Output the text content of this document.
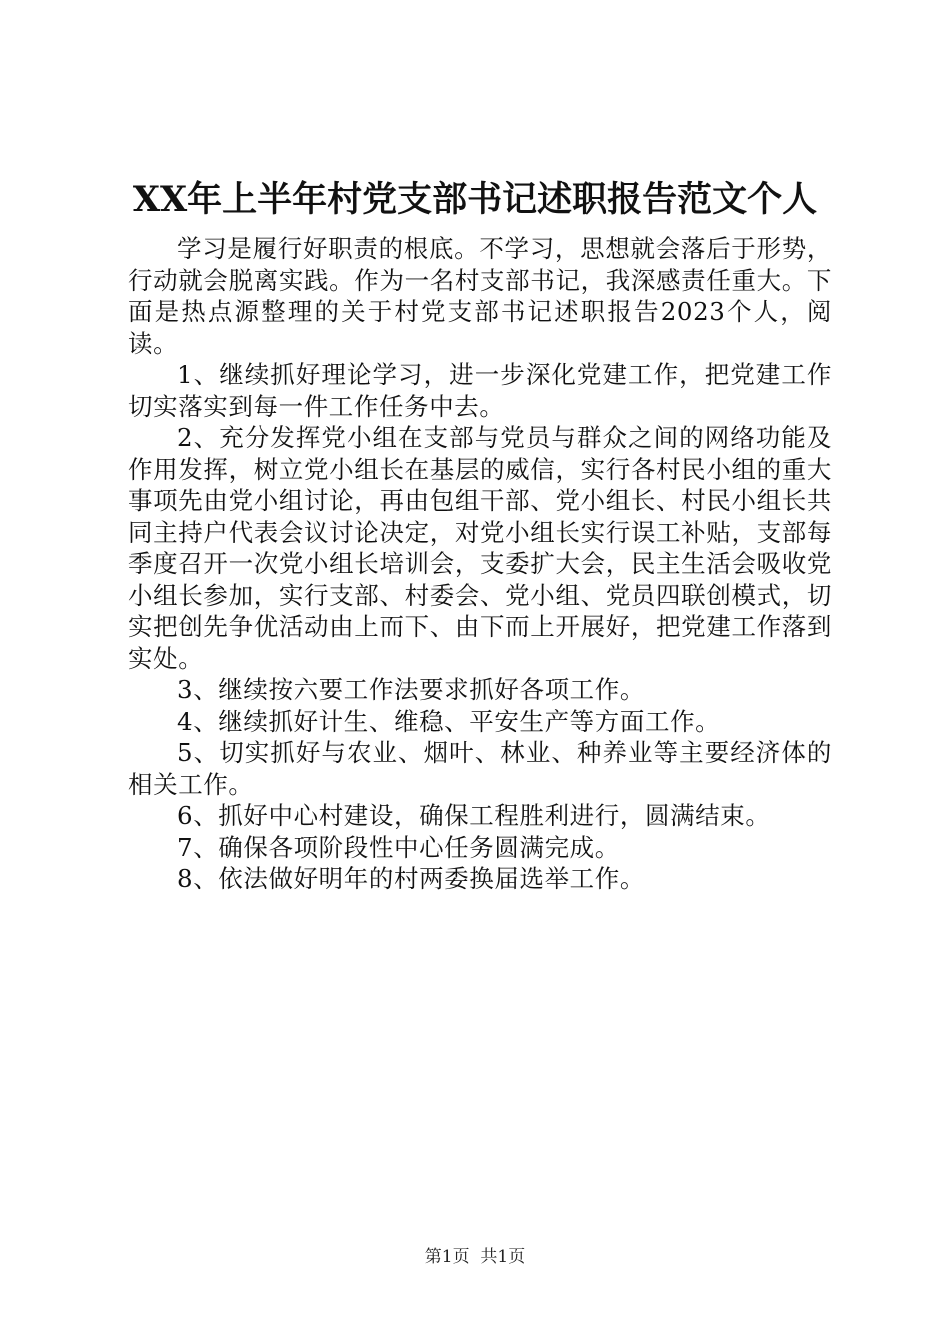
XX年上半年村党支部书记述职报告范文个人

学习是履行好职责的根底。不学习，思想就会落后于形势，行动就会脱离实践。作为一名村支部书记，我深感责任重大。下面是热点源整理的关于村党支部书记述职报告2023个人，阅读。

1、继续抓好理论学习，进一步深化党建工作，把党建工作切实落实到每一件工作任务中去。

2、充分发挥党小组在支部与党员与群众之间的网络功能及作用发挥，树立党小组长在基层的威信，实行各村民小组的重大事项先由党小组讨论，再由包组干部、党小组长、村民小组长共同主持户代表会议讨论决定，对党小组长实行误工补贴，支部每季度召开一次党小组长培训会，支委扩大会，民主生活会吸收党小组长参加，实行支部、村委会、党小组、党员四联创模式，切实把创先争优活动由上而下、由下而上开展好，把党建工作落到实处。

3、继续按六要工作法要求抓好各项工作。

4、继续抓好计生、维稳、平安生产等方面工作。

5、切实抓好与农业、烟叶、林业、种养业等主要经济体的相关工作。

6、抓好中心村建设，确保工程胜利进行，圆满结束。

7、确保各项阶段性中心任务圆满完成。

8、依法做好明年的村两委换届选举工作。

第1页 共1页
